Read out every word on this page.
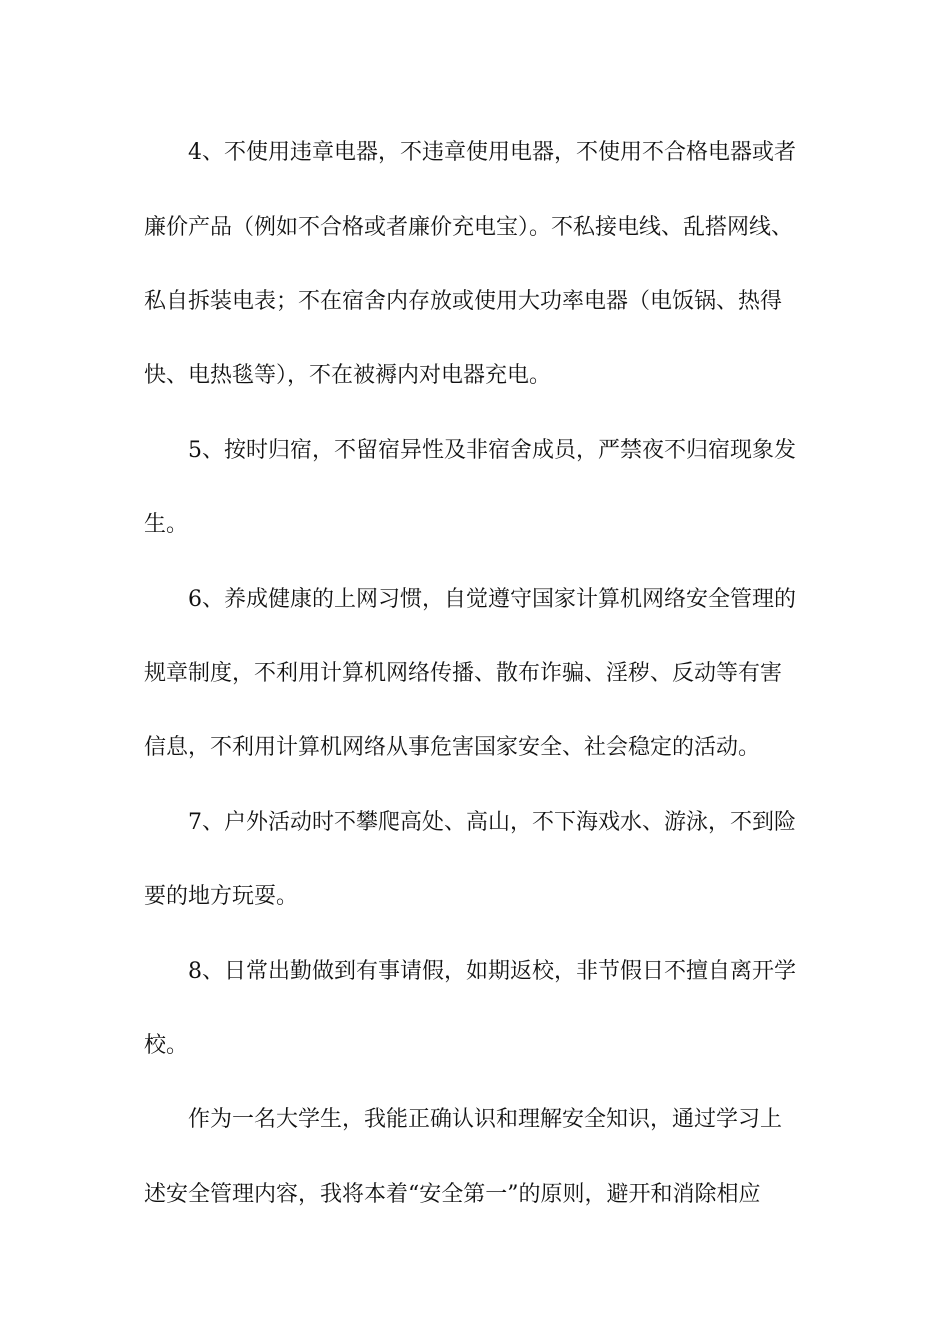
4、不使用违章电器，不违章使用电器，不使用不合格电器或者
廉价产品（例如不合格或者廉价充电宝）。不私接电线、乱搭网线、
私自拆装电表；不在宿舍内存放或使用大功率电器（电饭锅、热得
快、电热毯等），不在被褥内对电器充电。
5、按时归宿，不留宿异性及非宿舍成员，严禁夜不归宿现象发
生。
6、养成健康的上网习惯，自觉遵守国家计算机网络安全管理的
规章制度，不利用计算机网络传播、散布诈骗、淫秽、反动等有害
信息，不利用计算机网络从事危害国家安全、社会稳定的活动。
7、户外活动时不攀爬高处、高山，不下海戏水、游泳，不到险
要的地方玩耍。
8、日常出勤做到有事请假，如期返校，非节假日不擅自离开学
校。
作为一名大学生，我能正确认识和理解安全知识，通过学习上
述安全管理内容，我将本着“安全第一”的原则，避开和消除相应
